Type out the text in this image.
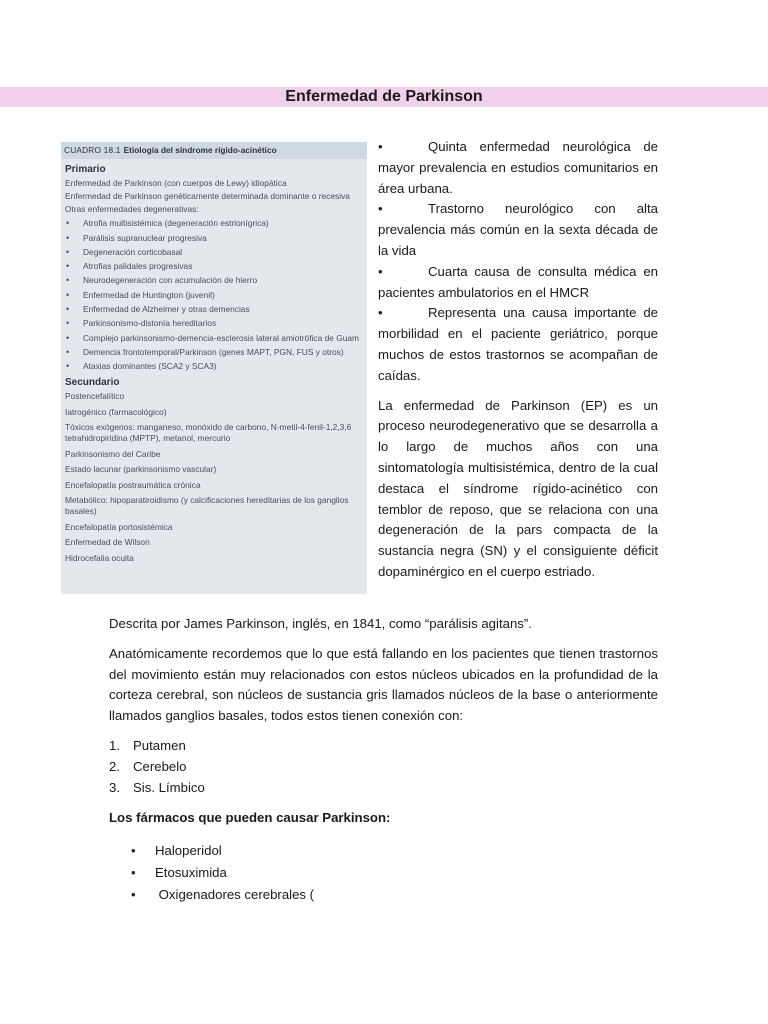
Enfermedad de Parkinson
CUADRO 18.1 Etiología del síndrome rígido-acinético
Primario
Enfermedad de Parkinson (con cuerpos de Lewy) idiopática
Enfermedad de Parkinson genéticamente determinada dominante o recesiva
Otras enfermedades degenerativas:
• Atrofia multisistémica (degeneración estrionígrica)
• Parálisis supranuclear progresiva
• Degeneración corticobasal
• Atrofias palidales progresivas
• Neurodegeneración con acumulación de hierro
• Enfermedad de Huntington (juvenil)
• Enfermedad de Alzheimer y otras demencias
• Parkinsonismo-distonía hereditarios
• Complejo parkinsonismo-demencia-esclerosis lateral amiotrófica de Guam
• Demencia frontotemporal/Parkinson (genes MAPT, PGN, FUS y otros)
• Ataxias dominantes (SCA2 y SCA3)
Secundario
Postencefalítico
Iatrogénico (farmacológico)
Tóxicos exógenos: manganeso, monóxido de carbono, N-metil-4-fenil-1,2,3,6 tetrahidropiridina (MPTP), metanol, mercurio
Parkinsonismo del Caribe
Estado lacunar (parkinsonismo vascular)
Encefalopatía postraumática crónica
Metabólico: hipoparatiroidismo (y calcificaciones hereditarias de los ganglios basales)
Encefalopatía portosistémica
Enfermedad de Wilson
Hidrocefalia oculta
•	Quinta enfermedad neurológica de mayor prevalencia en estudios comunitarios en área urbana.
•	Trastorno neurológico con alta prevalencia más común en la sexta década de la vida
•	Cuarta causa de consulta médica en pacientes ambulatorios en el HMCR
•	Representa una causa importante de morbilidad en el paciente geriátrico, porque muchos de estos trastornos se acompañan de caídas.
La enfermedad de Parkinson (EP) es un proceso neurodegenerativo que se desarrolla a lo largo de muchos años con una sintomatología multisistémica, dentro de la cual destaca el síndrome rígido-acinético con temblor de reposo, que se relaciona con una degeneración de la pars compacta de la sustancia negra (SN) y el consiguiente déficit dopaminérgico en el cuerpo estriado.

Descrita por James Parkinson, inglés, en 1841, como “parálisis agitans”.

Anatómicamente recordemos que lo que está fallando en los pacientes que tienen trastornos del movimiento están muy relacionados con estos núcleos ubicados en la profundidad de la corteza cerebral, son núcleos de sustancia gris llamados núcleos de la base o anteriormente llamados ganglios basales, todos estos tienen conexión con:

1. Putamen
2. Cerebelo
3. Sis. Límbico

Los fármacos que pueden causar Parkinson:

• Haloperidol
• Etosuximida
• Oxigenadores cerebrales (
